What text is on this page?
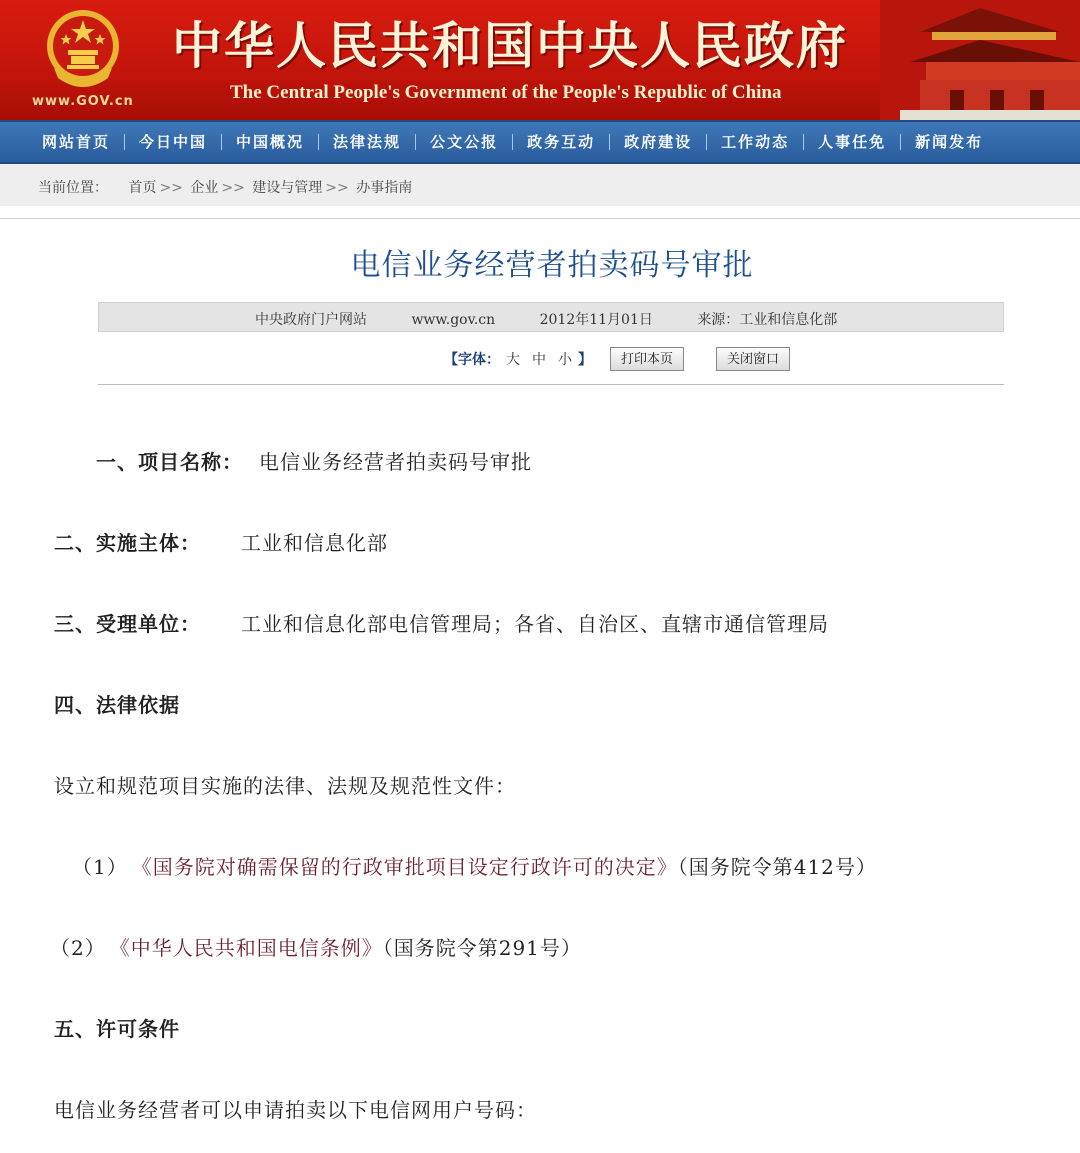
www.GOV.cn
中华人民共和国中央人民政府
The Central People's Government of the People's Republic of China
网站首页	今日中国	中国概况	法律法规	公文公报	政务互动	政府建设	工作动态	人事任免	新闻发布
当前位置： 首页 >> 企业 >> 建设与管理 >> 办事指南
电信业务经营者拍卖码号审批
中央政府门户网站	www.gov.cn	2012年11月01日	来源：工业和信息化部
【字体： 大 中 小 】	打印本页	关闭窗口
一、项目名称： 电信业务经营者拍卖码号审批
二、实施主体： 工业和信息化部
三、受理单位： 工业和信息化部电信管理局；各省、自治区、直辖市通信管理局
四、法律依据
设立和规范项目实施的法律、法规及规范性文件：
（1） 《国务院对确需保留的行政审批项目设定行政许可的决定》（国务院令第412号）
（2） 《中华人民共和国电信条例》（国务院令第291号）
五、许可条件
电信业务经营者可以申请拍卖以下电信网用户号码：
